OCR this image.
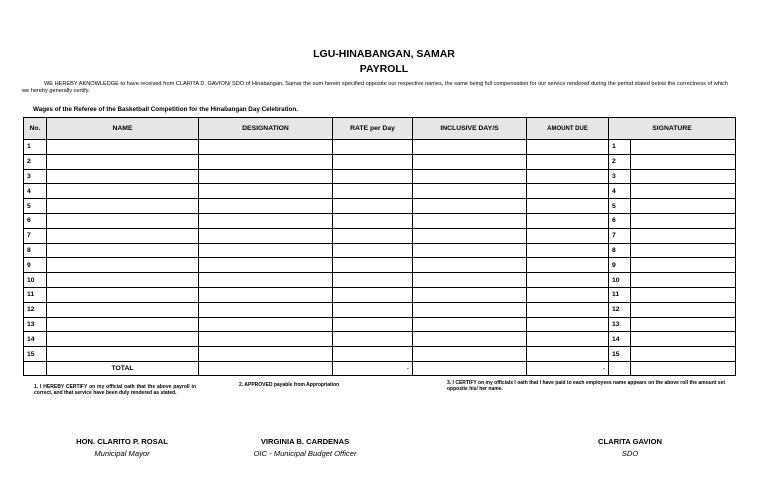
LGU-HINABANGAN, SAMAR
PAYROLL
WE HEREBY AKNOWLEDGE to have received from CLARITA D. GAVION/ SDO of Hinabangan, Samar the sum herein specified opposite our respective names, the same being full compensation for our service rendered during the period stated below the correctness of which we hereby generally certify.
Wages of the Referee of the Basketball Competition for the Hinabangan Day Celebration.
No.	NAME	DESIGNATION	RATE per Day	INCLUSIVE DAY/S	AMOUNT DUE	SIGNATURE	
1						1	
2						2	
3						3	
4						4	
5						5	
6						6	
7						7	
8						8	
9						9	
10						10	
11						11	
12						12	
13						13	
14						14	
15						15	
	TOTAL		-		-		
1. I HEREBY CERTIFY on my official oath that the above payroll in correct, and that service have been duly rendered as stated.
2. APPROVED payable from Appropriation	3. I CERTIFY on my officials I oath that I have paid to each employees name appears on the above roll the amount set opposite his/ her name.
HON. CLARITO P. ROSAL
Municipal Mayor
VIRGINIA B. CARDENAS
OIC - Municipal Budget Officer
CLARITA GAVION
SDO
